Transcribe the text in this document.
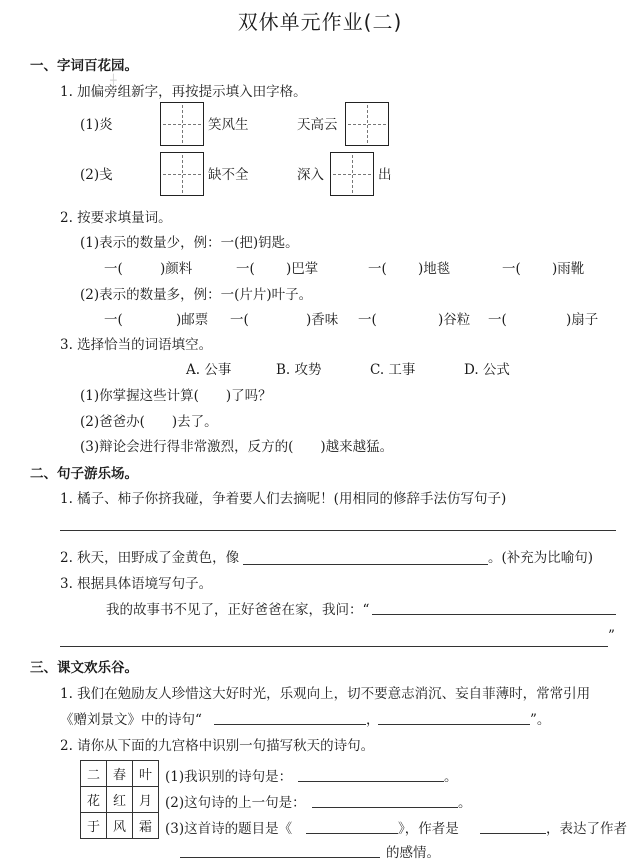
┼
双休单元作业(二)
一、字词百花园。
1. 加偏旁组新字，再按提示填入田字格。
(1)炎	笑风生	天高云
(2)戋	缺不全	深入	出
2. 按要求填量词。
(1)表示的数量少，例：一(把)钥匙。
一(	)颜料	一( )巴掌	一( )地毯	一( )雨靴
(2)表示的数量多，例：一(片片)叶子。
一(	)邮票 一(	)香味 一(	)谷粒 一(	)扇子
3. 选择恰当的词语填空。
A. 公事	B. 攻势	C. 工事	D. 公式
(1)你掌握这些计算(　　)了吗？
(2)爸爸办(　　)去了。
(3)辩论会进行得非常激烈，反方的(　　)越来越猛。
二、句子游乐场。
1. 橘子、柿子你挤我碰，争着要人们去摘呢！(用相同的修辞手法仿写句子)
2. 秋天，田野成了金黄色，像	。(补充为比喻句)
3. 根据具体语境写句子。
我的故事书不见了，正好爸爸在家，我问：“
”
三、课文欢乐谷。
1. 我们在勉励友人珍惜这大好时光，乐观向上，切不要意志消沉、妄自菲薄时，常常引用
《赠刘景文》中的诗句“	，	”。
2. 请你从下面的九宫格中识别一句描写秋天的诗句。
二	春	叶
花	红	月
于	风	霜
(1)我识别的诗句是：	。
(2)这句诗的上一句是：	。
(3)这首诗的题目是《	》，作者是	，表达了作者
的感情。
